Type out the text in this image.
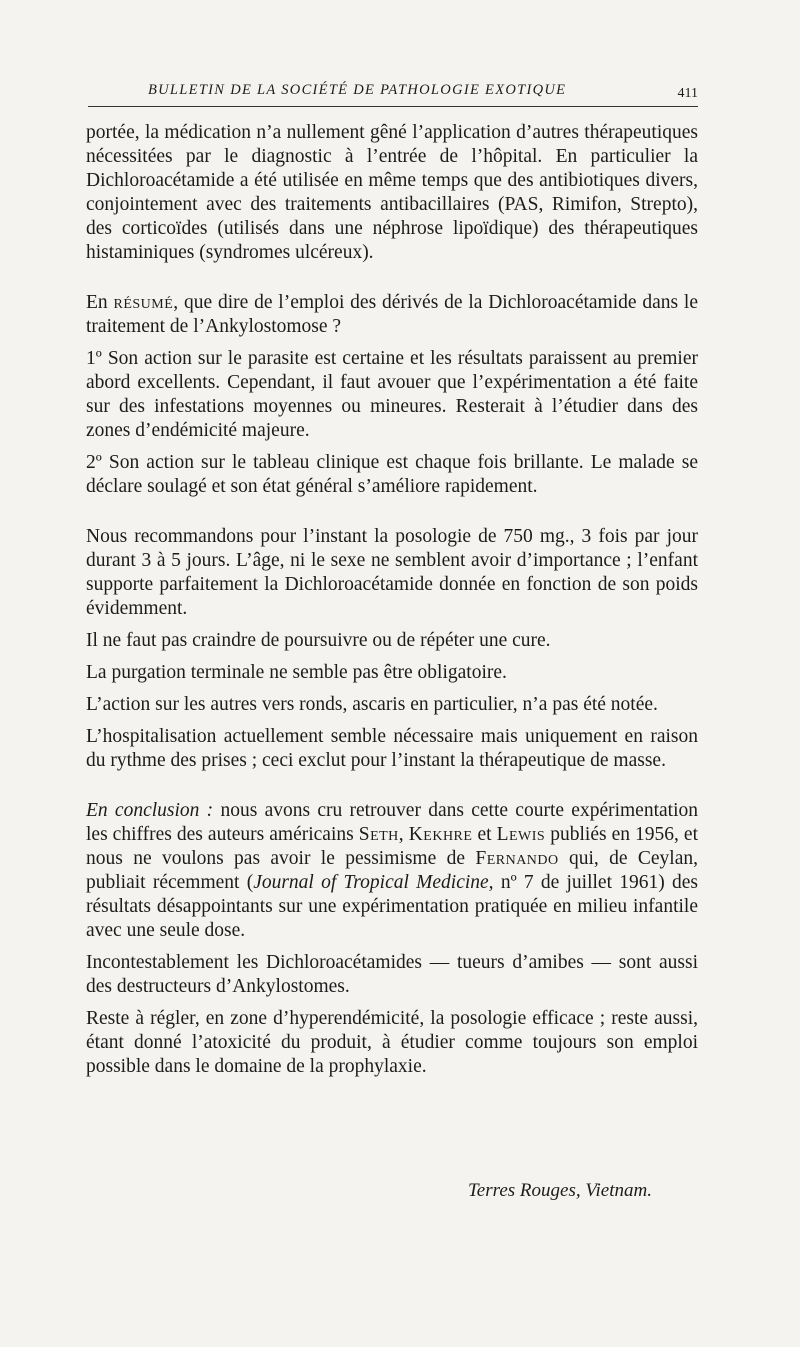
BULLETIN DE LA SOCIÉTÉ DE PATHOLOGIE EXOTIQUE	411

portée, la médication n’a nullement gêné l’application d’autres thérapeutiques nécessitées par le diagnostic à l’entrée de l’hôpital. En particulier la Dichloroacétamide a été utilisée en même temps que des antibiotiques divers, conjointement avec des traitements antibacillaires (PAS, Rimifon, Strepto), des corticoïdes (utilisés dans une néphrose lipoïdique) des thérapeutiques histaminiques (syndromes ulcéreux).

En résumé, que dire de l’emploi des dérivés de la Dichloroacétamide dans le traitement de l’Ankylostomose ?

1º Son action sur le parasite est certaine et les résultats paraissent au premier abord excellents. Cependant, il faut avouer que l’expérimentation a été faite sur des infestations moyennes ou mineures. Resterait à l’étudier dans des zones d’endémicité majeure.

2º Son action sur le tableau clinique est chaque fois brillante. Le malade se déclare soulagé et son état général s’améliore rapidement.

Nous recommandons pour l’instant la posologie de 750 mg., 3 fois par jour durant 3 à 5 jours. L’âge, ni le sexe ne semblent avoir d’importance ; l’enfant supporte parfaitement la Dichloroacétamide donnée en fonction de son poids évidemment.

Il ne faut pas craindre de poursuivre ou de répéter une cure.

La purgation terminale ne semble pas être obligatoire.

L’action sur les autres vers ronds, ascaris en particulier, n’a pas été notée.

L’hospitalisation actuellement semble nécessaire mais uniquement en raison du rythme des prises ; ceci exclut pour l’instant la thérapeutique de masse.

En conclusion : nous avons cru retrouver dans cette courte expérimentation les chiffres des auteurs américains Seth, Kekhre et Lewis publiés en 1956, et nous ne voulons pas avoir le pessimisme de Fernando qui, de Ceylan, publiait récemment (Journal of Tropical Medicine, nº 7 de juillet 1961) des résultats désappointants sur une expérimentation pratiquée en milieu infantile avec une seule dose.

Incontestablement les Dichloroacétamides — tueurs d’amibes — sont aussi des destructeurs d’Ankylostomes.

Reste à régler, en zone d’hyperendémicité, la posologie efficace ; reste aussi, étant donné l’atoxicité du produit, à étudier comme toujours son emploi possible dans le domaine de la prophylaxie.

Terres Rouges, Vietnam.
